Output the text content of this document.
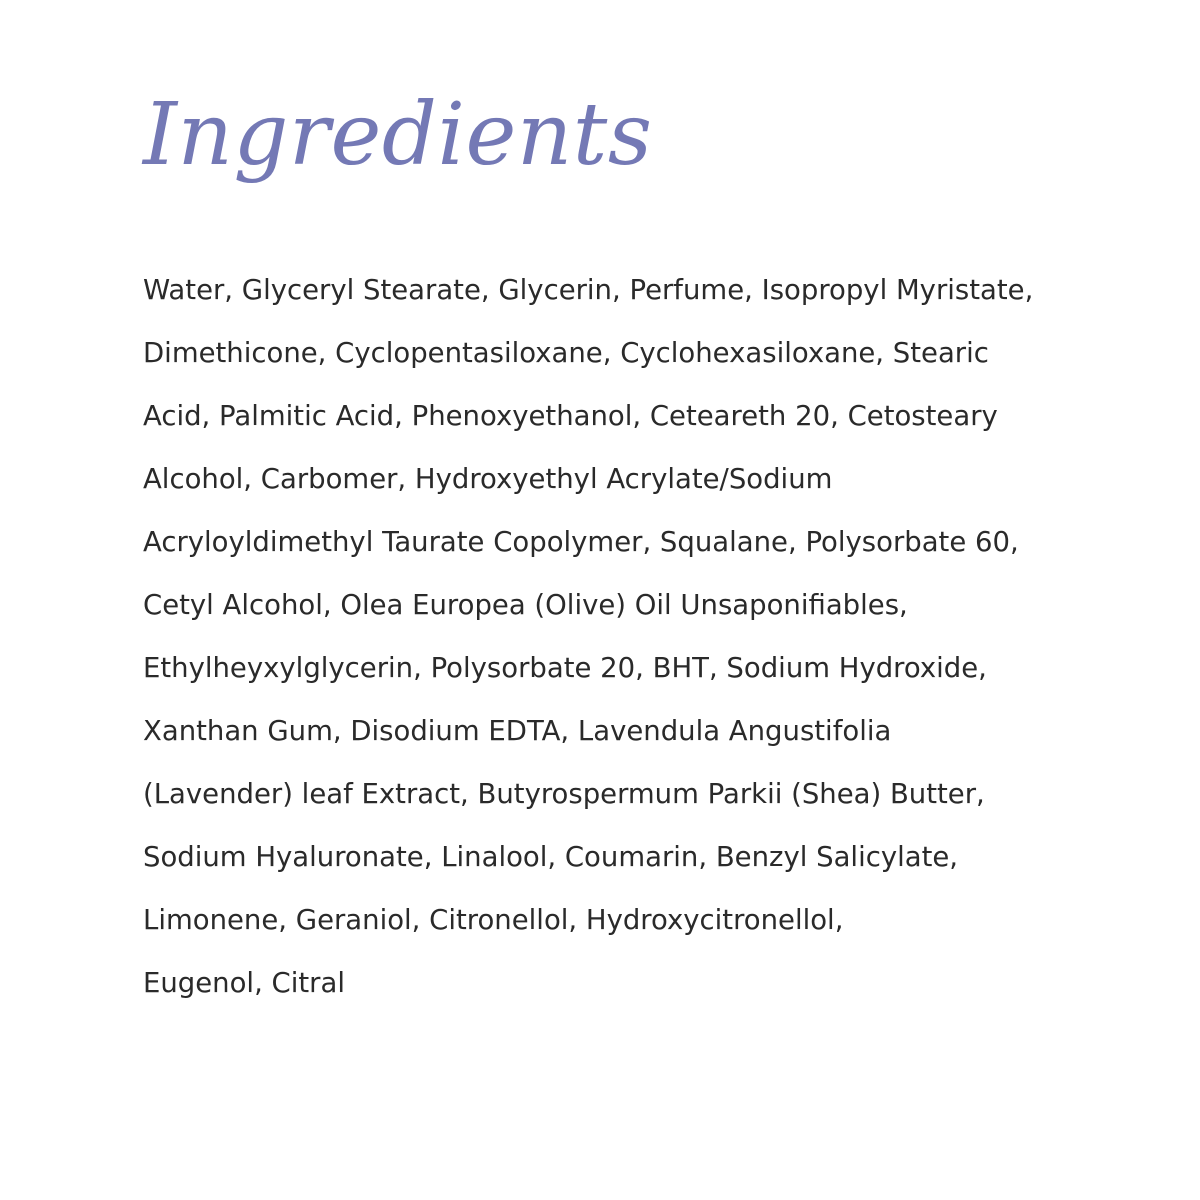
Ingredients
Water, Glyceryl Stearate, Glycerin, Perfume, Isopropyl Myristate,
Dimethicone, Cyclopentasiloxane, Cyclohexasiloxane, Stearic
Acid, Palmitic Acid, Phenoxyethanol, Ceteareth 20, Cetosteary
Alcohol, Carbomer, Hydroxyethyl Acrylate/Sodium
Acryloyldimethyl Taurate Copolymer, Squalane, Polysorbate 60,
Cetyl Alcohol, Olea Europea (Olive) Oil Unsaponifiables,
Ethylheyxylglycerin, Polysorbate 20, BHT, Sodium Hydroxide,
Xanthan Gum, Disodium EDTA, Lavendula Angustifolia
(Lavender) leaf Extract, Butyrospermum Parkii (Shea) Butter,
Sodium Hyaluronate, Linalool, Coumarin, Benzyl Salicylate,
Limonene, Geraniol, Citronellol, Hydroxycitronellol,
Eugenol, Citral
